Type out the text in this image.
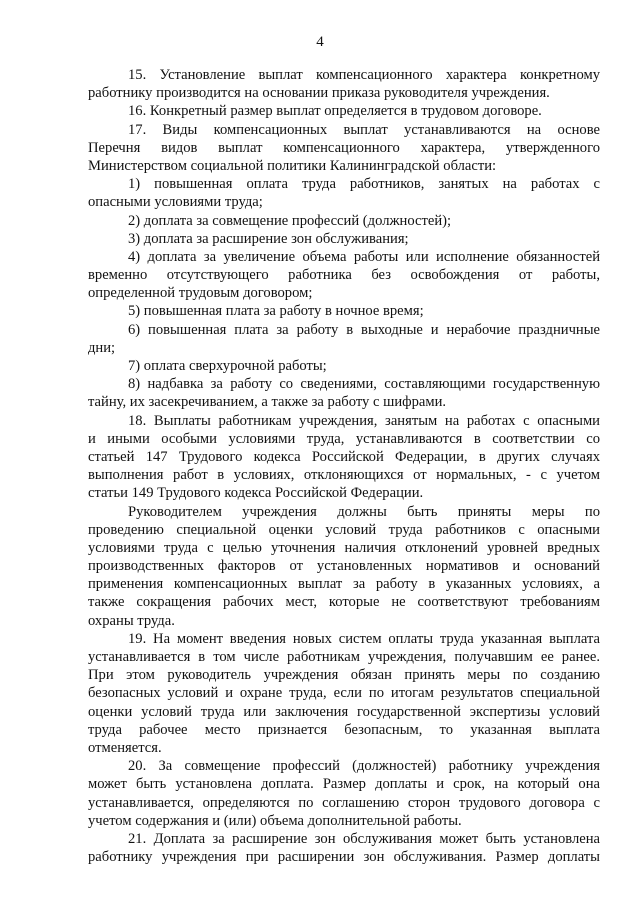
4
15. Установление выплат компенсационного характера конкретному
работнику производится на основании приказа руководителя учреждения.
16. Конкретный размер выплат определяется в трудовом договоре.
17. Виды компенсационных выплат устанавливаются на основе
Перечня видов выплат компенсационного характера, утвержденного
Министерством социальной политики Калининградской области:
1) повышенная оплата труда работников, занятых на работах с
опасными условиями труда;
2) доплата за совмещение профессий (должностей);
3) доплата за расширение зон обслуживания;
4) доплата за увеличение объема работы или исполнение обязанностей
временно отсутствующего работника без освобождения от работы,
определенной трудовым договором;
5) повышенная плата за работу в ночное время;
6) повышенная плата за работу в выходные и нерабочие праздничные
дни;
7) оплата сверхурочной работы;
8) надбавка за работу со сведениями, составляющими государственную
тайну, их засекречиванием, а также за работу с шифрами.
18. Выплаты работникам учреждения, занятым на работах с опасными
и иными особыми условиями труда, устанавливаются в соответствии со
статьей 147 Трудового кодекса Российской Федерации, в других случаях
выполнения работ в условиях, отклоняющихся от нормальных, - с учетом
статьи 149 Трудового кодекса Российской Федерации.
Руководителем учреждения должны быть приняты меры по
проведению специальной оценки условий труда работников с опасными
условиями труда с целью уточнения наличия отклонений уровней вредных
производственных факторов от установленных нормативов и оснований
применения компенсационных выплат за работу в указанных условиях, а
также сокращения рабочих мест, которые не соответствуют требованиям
охраны труда.
19. На момент введения новых систем оплаты труда указанная выплата
устанавливается в том числе работникам учреждения, получавшим ее ранее.
При этом руководитель учреждения обязан принять меры по созданию
безопасных условий и охране труда, если по итогам результатов специальной
оценки условий труда или заключения государственной экспертизы условий
труда рабочее место признается безопасным, то указанная выплата
отменяется.
20. За совмещение профессий (должностей) работнику учреждения
может быть установлена доплата. Размер доплаты и срок, на который она
устанавливается, определяются по соглашению сторон трудового договора с
учетом содержания и (или) объема дополнительной работы.
21. Доплата за расширение зон обслуживания может быть установлена
работнику учреждения при расширении зон обслуживания. Размер доплаты
